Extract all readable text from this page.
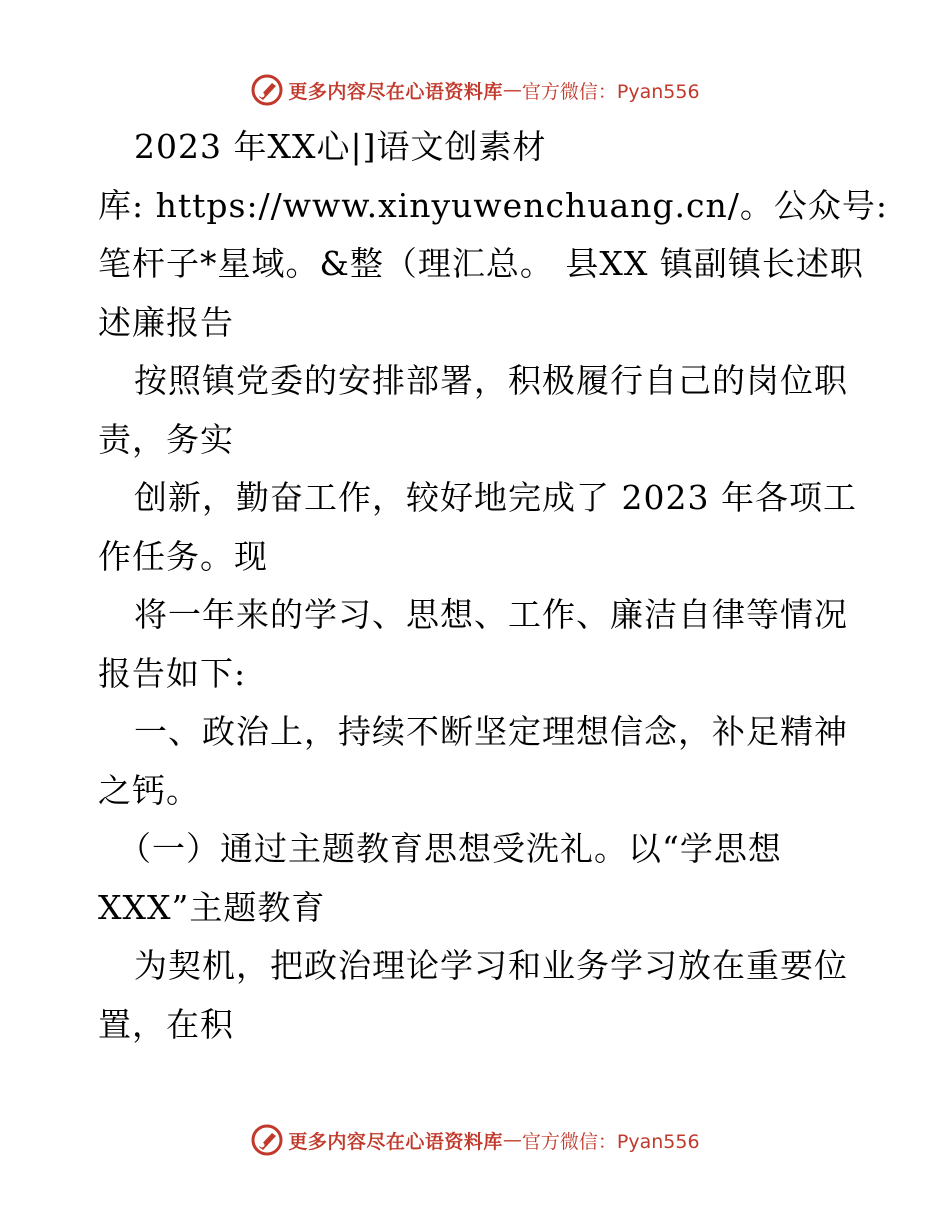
更多内容尽在心语资料库 — 官方微信：Pyan556
2023 年XX心|]语文创素材
库: https://www.xinyuwenchuang.cn/。公众号:
笔杆子*星域。&整（理汇总。 县XX 镇副镇长述职
述廉报告
按照镇党委的安排部署，积极履行自己的岗位职
责，务实
创新，勤奋工作，较好地完成了 2023 年各项工
作任务。现
将一年来的学习、思想、工作、廉洁自律等情况
报告如下:
一、政治上，持续不断坚定理想信念，补足精神
之钙。
（一）通过主题教育思想受洗礼。以“学思想
XXX”主题教育
为契机，把政治理论学习和业务学习放在重要位
置，在积
更多内容尽在心语资料库 — 官方微信：Pyan556
